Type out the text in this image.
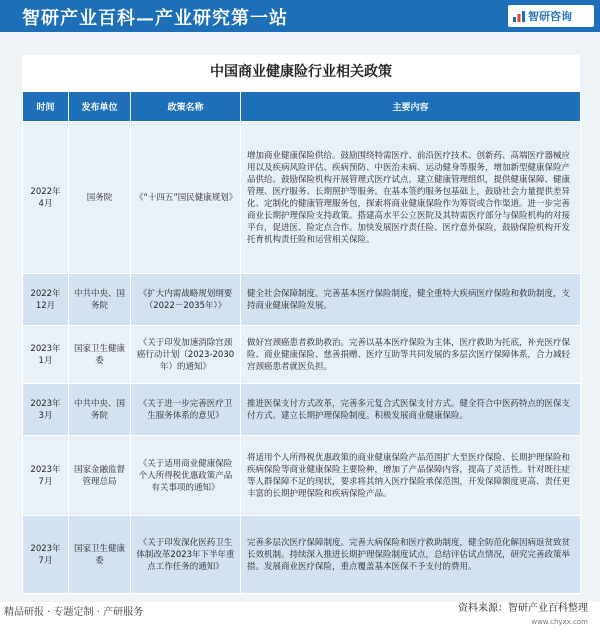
智研产业百科—产业研究第一站	智研咨询
中国商业健康险行业相关政策
时间	发布单位	政策名称	主要内容
2022年
4月	国务院	《“十四五”国民健康规划》	增加商业健康保险供给。鼓励围绕特需医疗、前沿医疗技术、创新药、高端医疗器械应用以及疾病风险评估、疾病预防、中医治未病、运动健身等服务，增加新型健康保险产品供给。鼓励保险机构开展管理式医疗试点，建立健康管理组织，提供健康保障、健康管理、医疗服务、长期照护等服务。在基本签约服务包基础上，鼓励社会力量提供差异化、定制化的健康管理服务包，探索将商业健康保险作为筹资或合作渠道。进一步完善商业长期护理保险支持政策。搭建高水平公立医院及其特需医疗部分与保险机构的对接平台，促进医、险定点合作。加快发展医疗责任险、医疗意外保险，鼓励保险机构开发托育机构责任险和运营相关保险。
2022年
12月	中共中央、国务院	《扩大内需战略规划纲要（2022－2035年）》	健全社会保障制度。完善基本医疗保险制度，健全重特大疾病医疗保险和救助制度，支持商业健康保险发展。
2023年
1月	国家卫生健康委	《关于印发加速消除宫颈癌行动计划（2023-2030年）的通知》	做好宫颈癌患者救助救治。完善以基本医疗保险为主体，医疗救助为托底，补充医疗保险、商业健康保险、慈善捐赠、医疗互助等共同发展的多层次医疗保障体系，合力减轻宫颈癌患者就医负担。
2023年
3月	中共中央、国务院	《关于进一步完善医疗卫生服务体系的意见》	推进医保支付方式改革，完善多元复合式医保支付方式。健全符合中医药特点的医保支付方式。建立长期护理保险制度。积极发展商业健康保险。
2023年
7月	国家金融监督管理总局	《关于适用商业健康保险个人所得税优惠政策产品有关事项的通知》	将适用个人所得税优惠政策的商业健康保险产品范围扩大至医疗保险、长期护理保险和疾病保险等商业健康保险主要险种，增加了产品保障内容，提高了灵活性。针对既往症等人群保障不足的现状，要求将其纳入医疗保险承保范围，开发保障额度更高、责任更丰富的长期护理保险和疾病保险产品。
2023年
7月	国家卫生健康委	《关于印发深化医药卫生体制改革2023年下半年重点工作任务的通知》	完善多层次医疗保障制度。完善大病保险和医疗救助制度，健全防范化解因病返贫致贫长效机制。持续深入推进长期护理保险制度试点，总结评估试点情况，研究完善政策举措。发展商业医疗保险，重点覆盖基本医保不予支付的费用。
精品研报 · 专题定制 · 产研服务	资料来源：智研产业百科整理
www.chyxx.com
